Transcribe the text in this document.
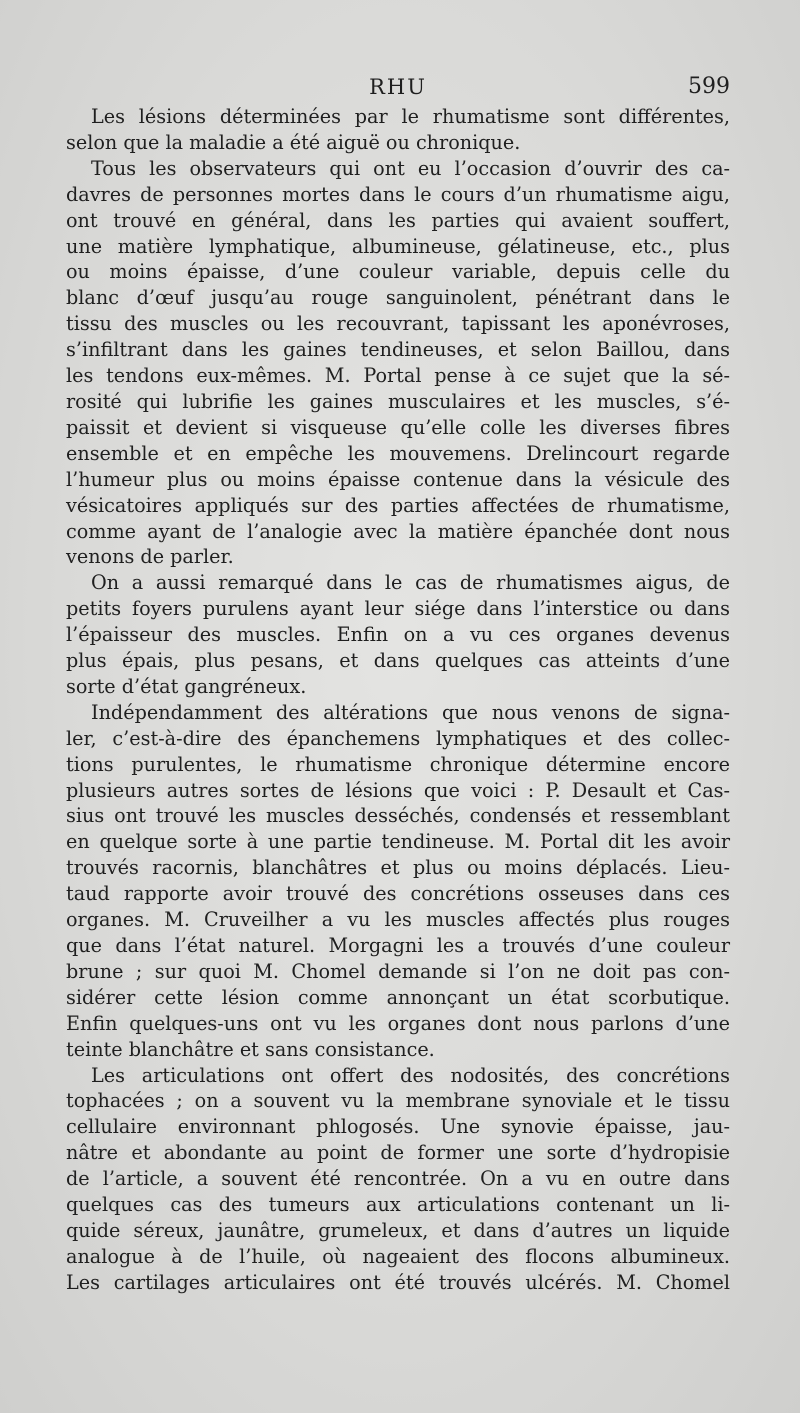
RHU	599
Les lésions déterminées par le rhumatisme sont différentes,
selon que la maladie a été aiguë ou chronique.
Tous les observateurs qui ont eu l’occasion d’ouvrir des ca-
davres de personnes mortes dans le cours d’un rhumatisme aigu,
ont trouvé en général, dans les parties qui avaient souffert,
une matière lymphatique, albumineuse, gélatineuse, etc., plus
ou moins épaisse, d’une couleur variable, depuis celle du
blanc d’œuf jusqu’au rouge sanguinolent, pénétrant dans le
tissu des muscles ou les recouvrant, tapissant les aponévroses,
s’infiltrant dans les gaines tendineuses, et selon Baillou, dans
les tendons eux-mêmes. M. Portal pense à ce sujet que la sé-
rosité qui lubrifie les gaines musculaires et les muscles, s’é-
paissit et devient si visqueuse qu’elle colle les diverses fibres
ensemble et en empêche les mouvemens. Drelincourt regarde
l’humeur plus ou moins épaisse contenue dans la vésicule des
vésicatoires appliqués sur des parties affectées de rhumatisme,
comme ayant de l’analogie avec la matière épanchée dont nous
venons de parler.
On a aussi remarqué dans le cas de rhumatismes aigus, de
petits foyers purulens ayant leur siége dans l’interstice ou dans
l’épaisseur des muscles. Enfin on a vu ces organes devenus
plus épais, plus pesans, et dans quelques cas atteints d’une
sorte d’état gangréneux.
Indépendamment des altérations que nous venons de signa-
ler, c’est-à-dire des épanchemens lymphatiques et des collec-
tions purulentes, le rhumatisme chronique détermine encore
plusieurs autres sortes de lésions que voici : P. Desault et Cas-
sius ont trouvé les muscles desséchés, condensés et ressemblant
en quelque sorte à une partie tendineuse. M. Portal dit les avoir
trouvés racornis, blanchâtres et plus ou moins déplacés. Lieu-
taud rapporte avoir trouvé des concrétions osseuses dans ces
organes. M. Cruveilher a vu les muscles affectés plus rouges
que dans l’état naturel. Morgagni les a trouvés d’une couleur
brune ; sur quoi M. Chomel demande si l’on ne doit pas con-
sidérer cette lésion comme annonçant un état scorbutique.
Enfin quelques-uns ont vu les organes dont nous parlons d’une
teinte blanchâtre et sans consistance.
Les articulations ont offert des nodosités, des concrétions
tophacées ; on a souvent vu la membrane synoviale et le tissu
cellulaire environnant phlogosés. Une synovie épaisse, jau-
nâtre et abondante au point de former une sorte d’hydropisie
de l’article, a souvent été rencontrée. On a vu en outre dans
quelques cas des tumeurs aux articulations contenant un li-
quide séreux, jaunâtre, grumeleux, et dans d’autres un liquide
analogue à de l’huile, où nageaient des flocons albumineux.
Les cartilages articulaires ont été trouvés ulcérés. M. Chomel
